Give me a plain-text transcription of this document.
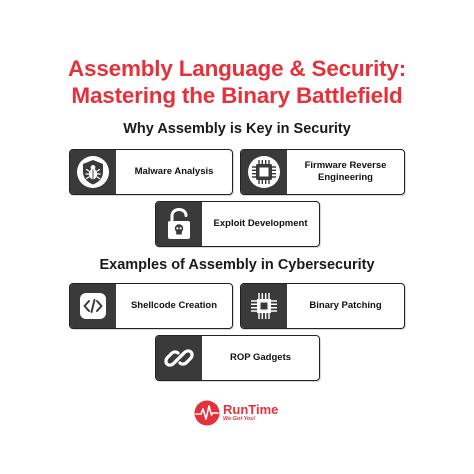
Assembly Language & Security:
Mastering the Binary Battlefield
Why Assembly is Key in Security
Malware Analysis
Firmware Reverse Engineering
Exploit Development
Examples of Assembly in Cybersecurity
Shellcode Creation	Binary Patching
ROP Gadgets
RunTime
We Got You!
